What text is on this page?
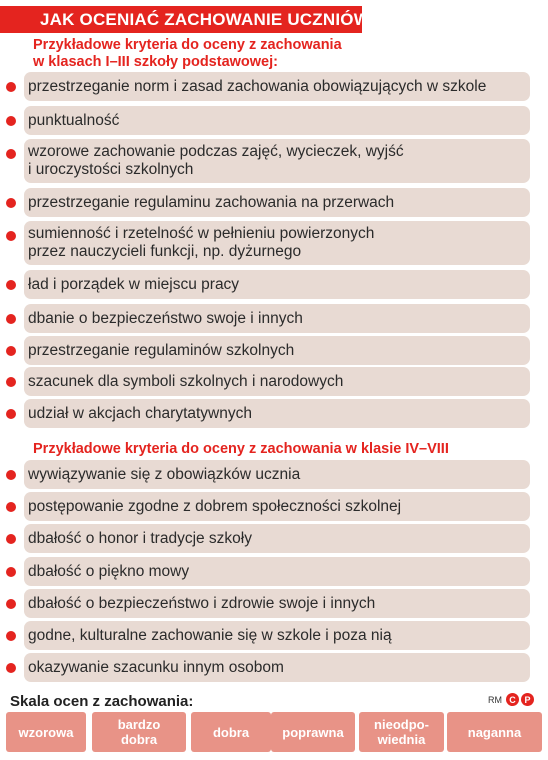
JAK OCENIAĆ ZACHOWANIE UCZNIÓW
Przykładowe kryteria do oceny z zachowania
w klasach I–III szkoły podstawowej:
przestrzeganie norm i zasad zachowania obowiązujących w szkole
punktualność
wzorowe zachowanie podczas zajęć, wycieczek, wyjść
i uroczystości szkolnych
przestrzeganie regulaminu zachowania na przerwach
sumienność i rzetelność w pełnieniu powierzonych
przez nauczycieli funkcji, np. dyżurnego
ład i porządek w miejscu pracy
dbanie o bezpieczeństwo swoje i innych
przestrzeganie regulaminów szkolnych
szacunek dla symboli szkolnych i narodowych
udział w akcjach charytatywnych
Przykładowe kryteria do oceny z zachowania w klasie IV–VIII
wywiązywanie się z obowiązków ucznia
postępowanie zgodne z dobrem społeczności szkolnej
dbałość o honor i tradycje szkoły
dbałość o piękno mowy
dbałość o bezpieczeństwo i zdrowie swoje i innych
godne, kulturalne zachowanie się w szkole i poza nią
okazywanie szacunku innym osobom
Skala ocen z zachowania:	RM C P
wzorowa	bardzo
dobra	dobra	poprawna nieodpo-
wiednia	naganna
